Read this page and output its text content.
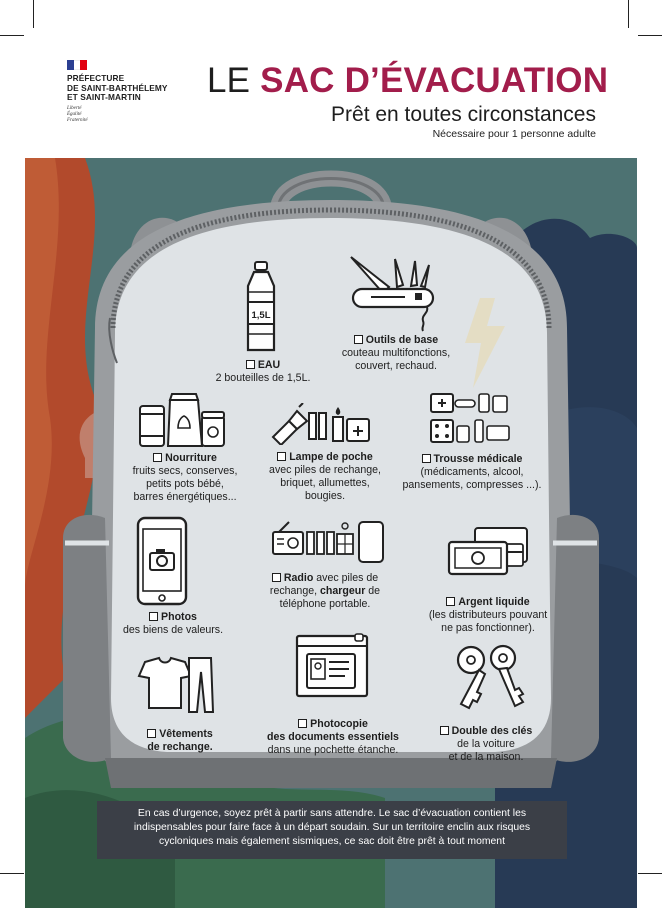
PRÉFECTURE
DE SAINT-BARTHÉLEMY
ET SAINT-MARTIN
Liberté
Égalité
Fraternité
LE SAC D’ÉVACUATION
Prêt en toutes circonstances
Nécessaire pour 1 personne adulte
1,5L
EAU
2 bouteilles de 1,5L.
Outils de base
couteau multifonctions,
couvert, rechaud.
Nourriture
fruits secs, conserves,
petits pots bébé,
barres énergétiques...
Lampe de poche
avec piles de rechange,
briquet, allumettes,
bougies.
Trousse médicale
(médicaments, alcool,
pansements, compresses ...).
Photos
des biens de valeurs.
Radio avec piles de
rechange, chargeur de
téléphone portable.	Argent liquide
(les distributeurs pouvant
ne pas fonctionner).
Vêtements
de rechange.
Photocopie
des documents essentiels
dans une pochette étanche.
Double des clés
de la voiture
et de la maison.
En cas d’urgence, soyez prêt à partir sans attendre. Le sac d’évacuation contient les
indispensables pour faire face à un départ soudain. Sur un territoire enclin aux risques
cycloniques mais également sismiques, ce sac doit être prêt à tout moment
